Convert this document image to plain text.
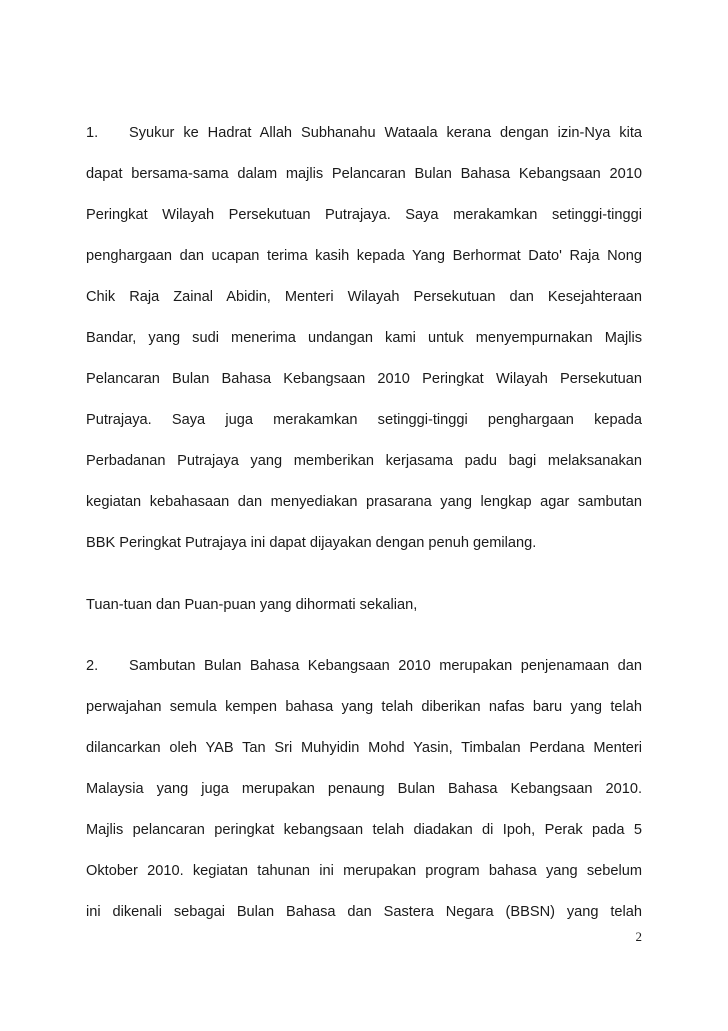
1. Syukur ke Hadrat Allah Subhanahu Wataala kerana dengan izin-Nya kita
dapat bersama-sama dalam majlis Pelancaran Bulan Bahasa Kebangsaan 2010
Peringkat Wilayah Persekutuan Putrajaya. Saya merakamkan setinggi-tinggi
penghargaan dan ucapan terima kasih kepada Yang Berhormat Dato' Raja Nong
Chik Raja Zainal Abidin, Menteri Wilayah Persekutuan dan Kesejahteraan
Bandar, yang sudi menerima undangan kami untuk menyempurnakan Majlis
Pelancaran Bulan Bahasa Kebangsaan 2010 Peringkat Wilayah Persekutuan
Putrajaya. Saya juga merakamkan setinggi-tinggi penghargaan kepada
Perbadanan Putrajaya yang memberikan kerjasama padu bagi melaksanakan
kegiatan kebahasaan dan menyediakan prasarana yang lengkap agar sambutan
BBK Peringkat Putrajaya ini dapat dijayakan dengan penuh gemilang.
Tuan-tuan dan Puan-puan yang dihormati sekalian,
2. Sambutan Bulan Bahasa Kebangsaan 2010 merupakan penjenamaan dan
perwajahan semula kempen bahasa yang telah diberikan nafas baru yang telah
dilancarkan oleh YAB Tan Sri Muhyidin Mohd Yasin, Timbalan Perdana Menteri
Malaysia yang juga merupakan penaung Bulan Bahasa Kebangsaan 2010.
Majlis pelancaran peringkat kebangsaan telah diadakan di Ipoh, Perak pada 5
Oktober 2010. kegiatan tahunan ini merupakan program bahasa yang sebelum
ini dikenali sebagai Bulan Bahasa dan Sastera Negara (BBSN) yang telah
2
